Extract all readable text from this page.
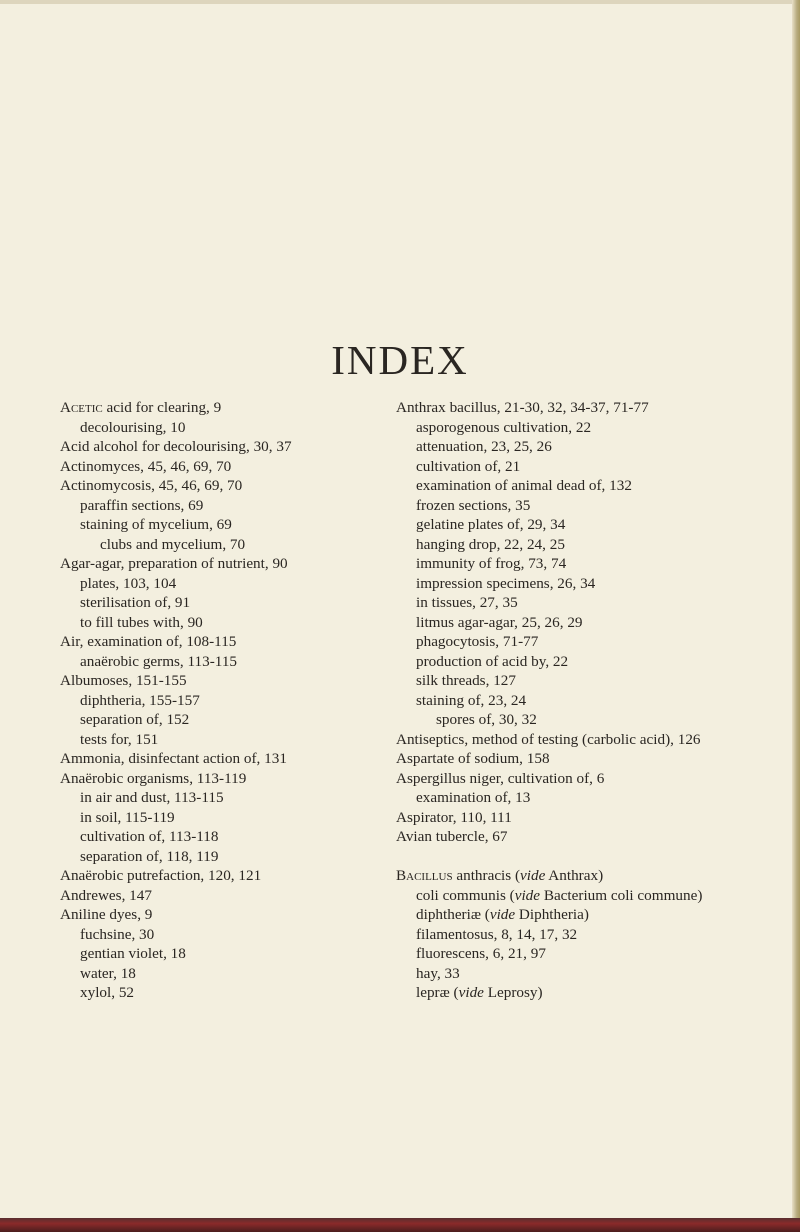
INDEX
Acetic acid for clearing, 9
decolourising, 10
Acid alcohol for decolourising, 30, 37
Actinomyces, 45, 46, 69, 70
Actinomycosis, 45, 46, 69, 70
paraffin sections, 69
staining of mycelium, 69
clubs and mycelium, 70
Agar-agar, preparation of nutrient, 90
plates, 103, 104
sterilisation of, 91
to fill tubes with, 90
Air, examination of, 108-115
anaërobic germs, 113-115
Albumoses, 151-155
diphtheria, 155-157
separation of, 152
tests for, 151
Ammonia, disinfectant action of, 131
Anaërobic organisms, 113-119
in air and dust, 113-115
in soil, 115-119
cultivation of, 113-118
separation of, 118, 119
Anaërobic putrefaction, 120, 121
Andrewes, 147
Aniline dyes, 9
fuchsine, 30
gentian violet, 18
water, 18
xylol, 52
Anthrax bacillus, 21-30, 32, 34-37, 71-77
asporogenous cultivation, 22
attenuation, 23, 25, 26
cultivation of, 21
examination of animal dead of, 132
frozen sections, 35
gelatine plates of, 29, 34
hanging drop, 22, 24, 25
immunity of frog, 73, 74
impression specimens, 26, 34
in tissues, 27, 35
litmus agar-agar, 25, 26, 29
phagocytosis, 71-77
production of acid by, 22
silk threads, 127
staining of, 23, 24
spores of, 30, 32
Antiseptics, method of testing (carbolic acid), 126
Aspartate of sodium, 158
Aspergillus niger, cultivation of, 6
examination of, 13
Aspirator, 110, 111
Avian tubercle, 67
Bacillus anthracis (vide Anthrax)
coli communis (vide Bacterium coli commune)
diphtheriæ (vide Diphtheria)
filamentosus, 8, 14, 17, 32
fluorescens, 6, 21, 97
hay, 33
lepræ (vide Leprosy)
